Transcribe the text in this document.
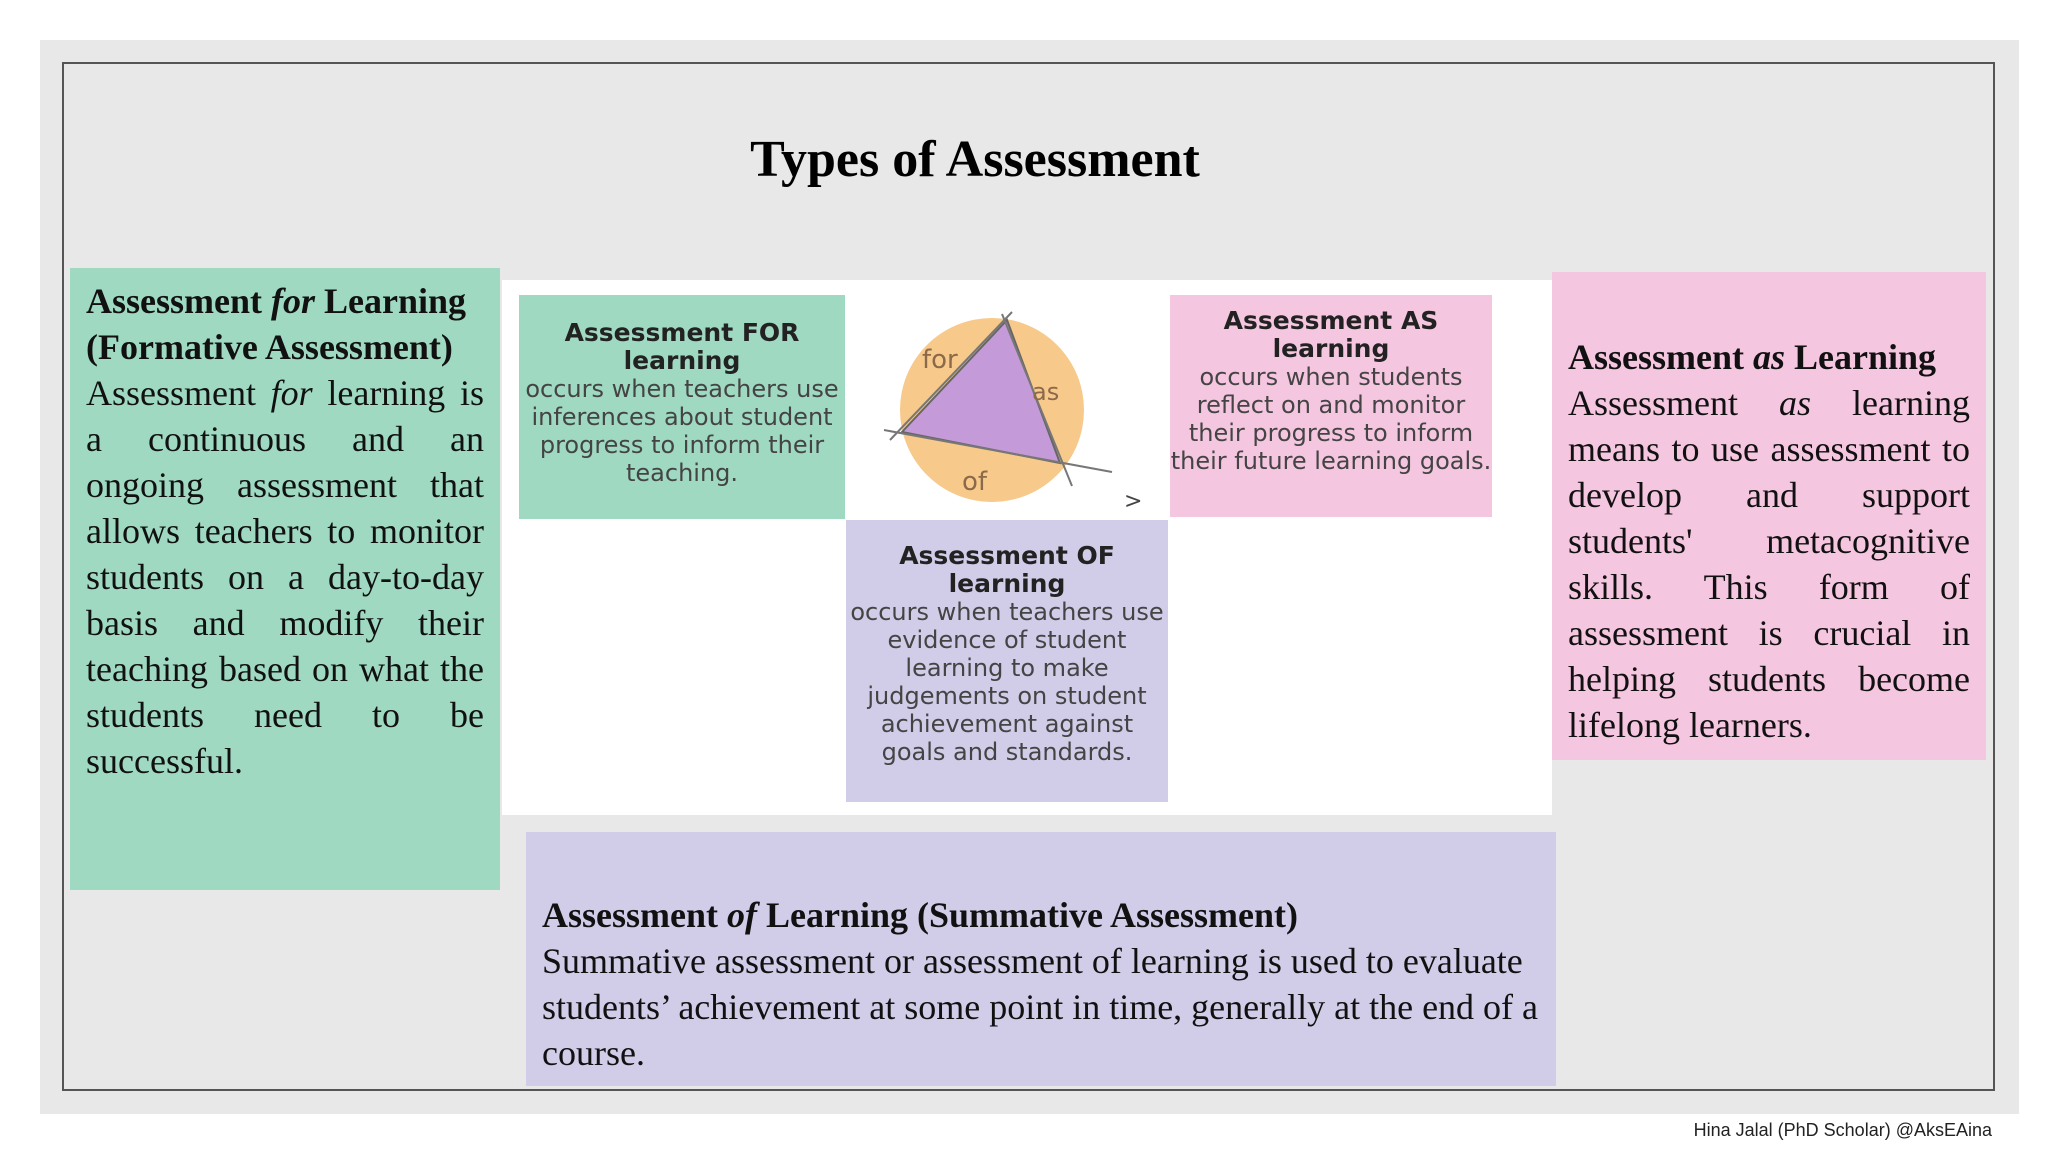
Types of Assessment
Assessment for Learning (Formative Assessment)
Assessment for learning is a continuous and an ongoing assessment that allows teachers to monitor students on a day-to-day basis and modify their teaching based on what the students need to be successful.
Assessment FOR learning
occurs when teachers use inferences about student progress to inform their teaching.
for
as
of
>
Assessment AS learning
occurs when students reflect on and monitor their progress to inform their future learning goals.
Assessment OF learning
occurs when teachers use evidence of student learning to make judgements on student achievement against goals and standards.
Assessment as Learning
Assessment as learning means to use assessment to develop and support students' metacognitive skills. This form of assessment is crucial in helping students become lifelong learners.
Assessment of Learning (Summative Assessment)
Summative assessment or assessment of learning is used to evaluate students’ achievement at some point in time, generally at the end of a course.
Hina Jalal (PhD Scholar) @AksEAina
